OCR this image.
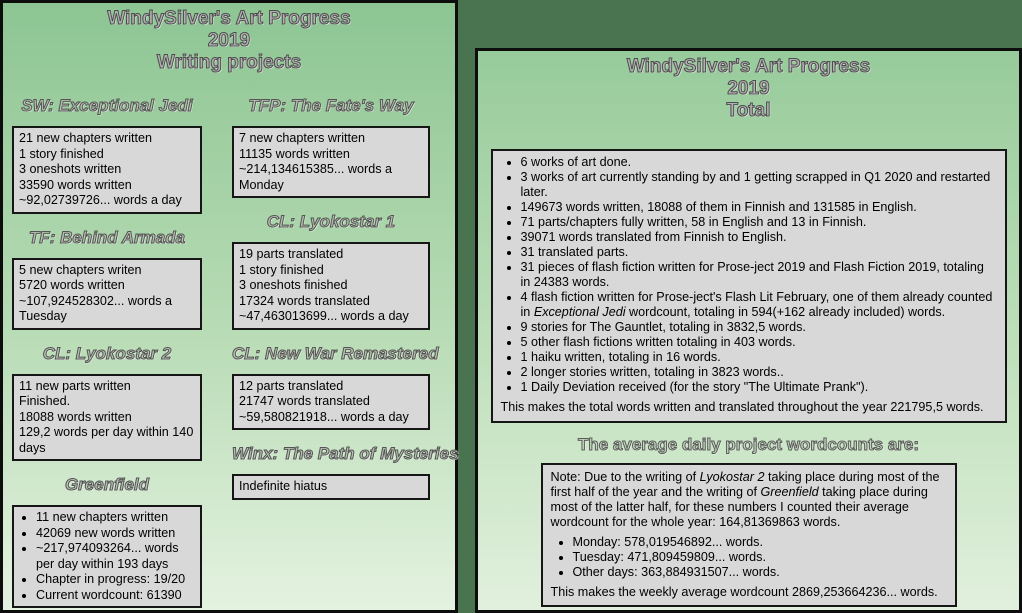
WindySilver's Art Progress
2019
Writing projects
SW: Exceptional Jedi
21 new chapters written
1 story finished
3 oneshots written
33590 words written
~92,02739726... words a day
TF: Behind Armada
5 new chapters writen
5720 words written
~107,924528302... words a Tuesday
CL: Lyokostar 2
11 new parts written
Finished.
18088 words written
129,2 words per day within 140 days
Greenfield
• 11 new chapters written
• 42069 new words written
• ~217,974093264... words per day within 193 days
• Chapter in progress: 19/20
• Current wordcount: 61390
TFP: The Fate's Way
7 new chapters written
11135 words written
~214,134615385... words a Monday
CL: Lyokostar 1
19 parts translated
1 story finished
3 oneshots finished
17324 words translated
~47,463013699... words a day
CL: New War Remastered
12 parts translated
21747 words translated
~59,580821918... words a day
Winx: The Path of Mysteries
Indefinite hiatus
WindySilver's Art Progress
2019
Total
• 6 works of art done.
• 3 works of art currently standing by and 1 getting scrapped in Q1 2020 and restarted later.
• 149673 words written, 18088 of them in Finnish and 131585 in English.
• 71 parts/chapters fully written, 58 in English and 13 in Finnish.
• 39071 words translated from Finnish to English.
• 31 translated parts.
• 31 pieces of flash fiction written for Prose-ject 2019 and Flash Fiction 2019, totaling in 24383 words.
• 4 flash fiction written for Prose-ject's Flash Lit February, one of them already counted in Exceptional Jedi wordcount, totaling in 594(+162 already included) words.
• 9 stories for The Gauntlet, totaling in 3832,5 words.
• 5 other flash fictions written totaling in 403 words.
• 1 haiku written, totaling in 16 words.
• 2 longer stories written, totaling in 3823 words..
• 1 Daily Deviation received (for the story "The Ultimate Prank").
This makes the total words written and translated throughout the year 221795,5 words.
The average daily project wordcounts are:
Note: Due to the writing of Lyokostar 2 taking place during most of the first half of the year and the writing of Greenfield taking place during most of the latter half, for these numbers I counted their average wordcount for the whole year: 164,81369863 words.
• Monday: 578,019546892... words.
• Tuesday: 471,809459809... words.
• Other days: 363,884931507... words.
This makes the weekly average wordcount 2869,253664236... words.
